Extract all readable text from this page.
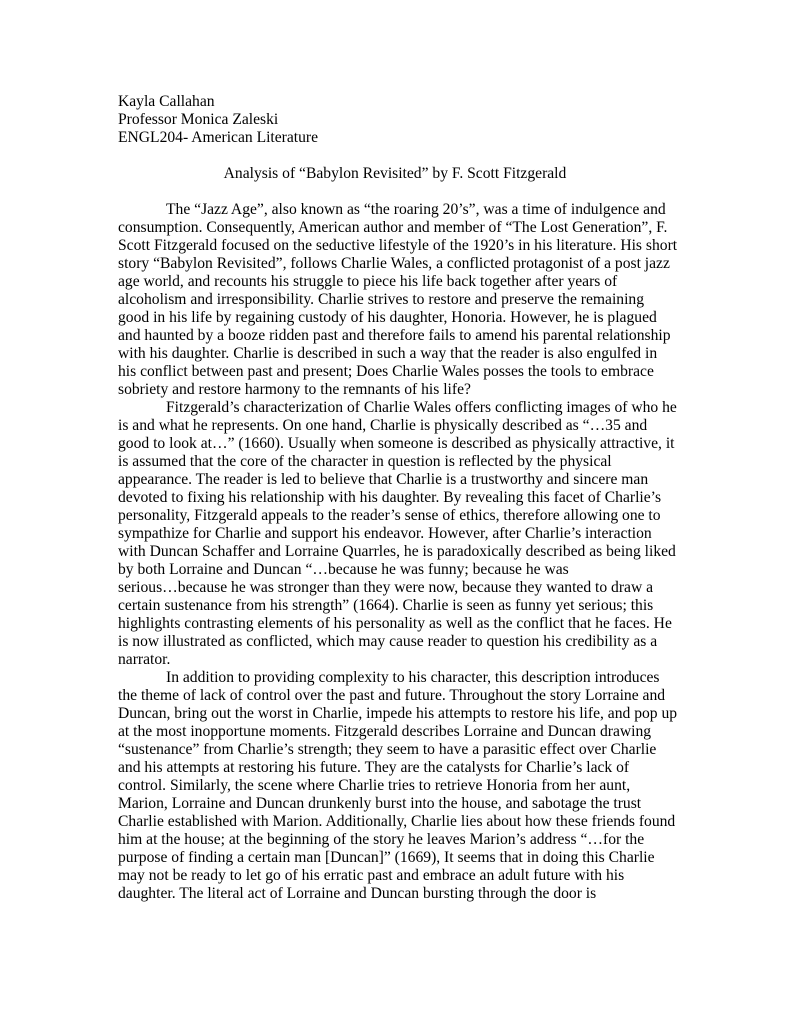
Kayla Callahan
Professor Monica Zaleski
ENGL204- American Literature
Analysis of “Babylon Revisited” by F. Scott Fitzgerald
The “Jazz Age”, also known as “the roaring 20’s”, was a time of indulgence and
consumption. Consequently, American author and member of “The Lost Generation”, F.
Scott Fitzgerald focused on the seductive lifestyle of the 1920’s in his literature. His short
story “Babylon Revisited”, follows Charlie Wales, a conflicted protagonist of a post jazz
age world, and recounts his struggle to piece his life back together after years of
alcoholism and irresponsibility. Charlie strives to restore and preserve the remaining
good in his life by regaining custody of his daughter, Honoria. However, he is plagued
and haunted by a booze ridden past and therefore fails to amend his parental relationship
with his daughter. Charlie is described in such a way that the reader is also engulfed in
his conflict between past and present; Does Charlie Wales posses the tools to embrace
sobriety and restore harmony to the remnants of his life?
Fitzgerald’s characterization of Charlie Wales offers conflicting images of who he
is and what he represents. On one hand, Charlie is physically described as “…35 and
good to look at…” (1660). Usually when someone is described as physically attractive, it
is assumed that the core of the character in question is reflected by the physical
appearance. The reader is led to believe that Charlie is a trustworthy and sincere man
devoted to fixing his relationship with his daughter. By revealing this facet of Charlie’s
personality, Fitzgerald appeals to the reader’s sense of ethics, therefore allowing one to
sympathize for Charlie and support his endeavor. However, after Charlie’s interaction
with Duncan Schaffer and Lorraine Quarrles, he is paradoxically described as being liked
by both Lorraine and Duncan “…because he was funny; because he was
serious…because he was stronger than they were now, because they wanted to draw a
certain sustenance from his strength” (1664). Charlie is seen as funny yet serious; this
highlights contrasting elements of his personality as well as the conflict that he faces. He
is now illustrated as conflicted, which may cause reader to question his credibility as a
narrator.
In addition to providing complexity to his character, this description introduces
the theme of lack of control over the past and future. Throughout the story Lorraine and
Duncan, bring out the worst in Charlie, impede his attempts to restore his life, and pop up
at the most inopportune moments. Fitzgerald describes Lorraine and Duncan drawing
“sustenance” from Charlie’s strength; they seem to have a parasitic effect over Charlie
and his attempts at restoring his future. They are the catalysts for Charlie’s lack of
control. Similarly, the scene where Charlie tries to retrieve Honoria from her aunt,
Marion, Lorraine and Duncan drunkenly burst into the house, and sabotage the trust
Charlie established with Marion. Additionally, Charlie lies about how these friends found
him at the house; at the beginning of the story he leaves Marion’s address “…for the
purpose of finding a certain man [Duncan]” (1669), It seems that in doing this Charlie
may not be ready to let go of his erratic past and embrace an adult future with his
daughter. The literal act of Lorraine and Duncan bursting through the door is
